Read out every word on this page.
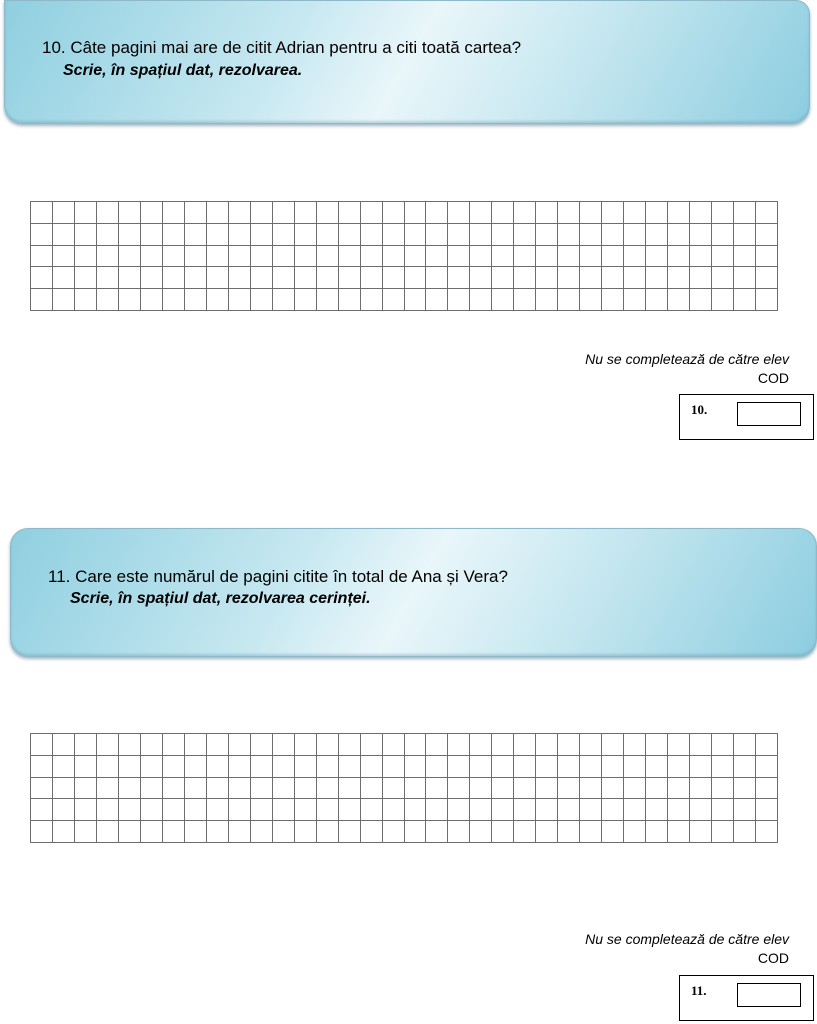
10. Câte pagini mai are de citit Adrian pentru a citi toată cartea?
Scrie, în spațiul dat, rezolvarea.
Nu se completează de către elev
COD
10.
11. Care este numărul de pagini citite în total de Ana și Vera?
Scrie, în spațiul dat, rezolvarea cerinței.
Nu se completează de către elev
COD
11.
